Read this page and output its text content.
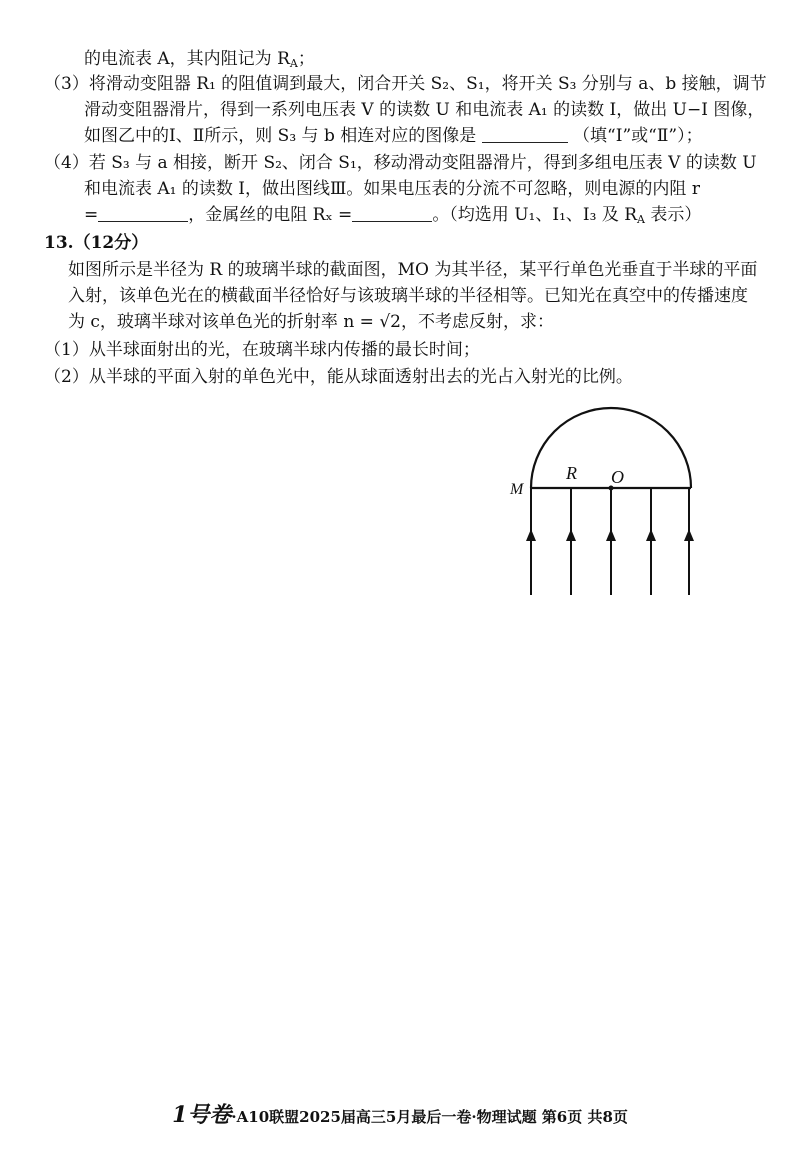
的电流表 A，其内阻记为 $R_A$；
（3）将滑动变阻器 R₁ 的阻值调到最大，闭合开关 S₂、S₁，将开关 S₃ 分别与 a、b 接触，调节
滑动变阻器滑片，得到一系列电压表 V 的读数 U 和电流表 A₁ 的读数 I，做出 U−I 图像，
如图乙中的Ⅰ、Ⅱ所示，则 S₃ 与 b 相连对应的图像是	（填“Ⅰ”或“Ⅱ”）；
（4）若 S₃ 与 a 相接，断开 S₂、闭合 S₁，移动滑动变阻器滑片，得到多组电压表 V 的读数 U
和电流表 A₁ 的读数 I，做出图线Ⅲ。如果电压表的分流不可忽略，则电源的内阻 r
=	，金属丝的电阻 Rₓ =	。（均选用 U₁、I₁、I₃ 及 $R_A$ 表示）
13.（12分）
如图所示是半径为 R 的玻璃半球的截面图，MO 为其半径，某平行单色光垂直于半球的平面
入射，该单色光在的横截面半径恰好与该玻璃半球的半径相等。已知光在真空中的传播速度
为 c，玻璃半球对该单色光的折射率 n = √2，不考虑反射，求：
（1）从半球面射出的光，在玻璃半球内传播的最长时间；
（2）从半球的平面入射的单色光中，能从球面透射出去的光占入射光的比例。
M
R O
1号卷·A10联盟2025届高三5月最后一卷·物理试题 第6页 共8页
